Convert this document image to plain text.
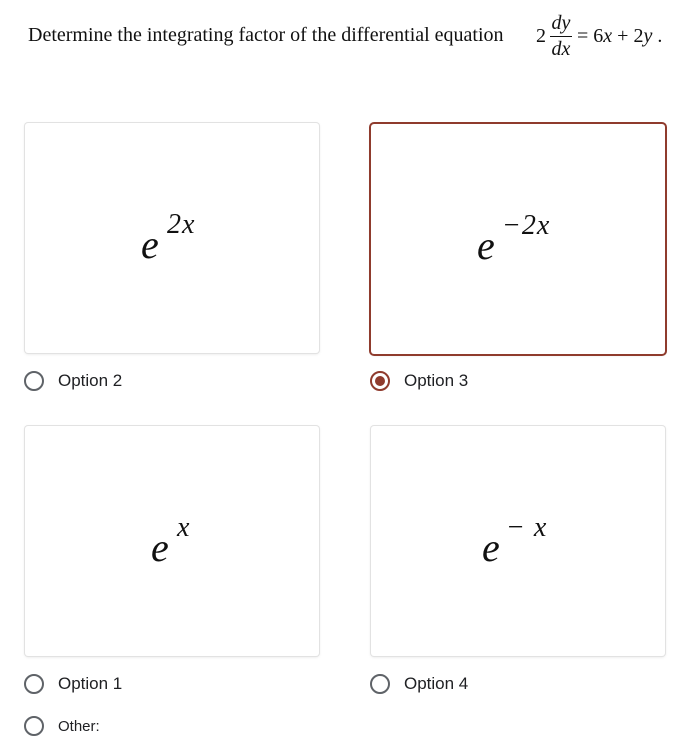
Determine the integrating factor of the differential equation 2
dy
dx
= 6x + 2y .
e 2x
Option 2
e −2x
Option 3
e x
Option 1
e − x
Option 4
Other:
